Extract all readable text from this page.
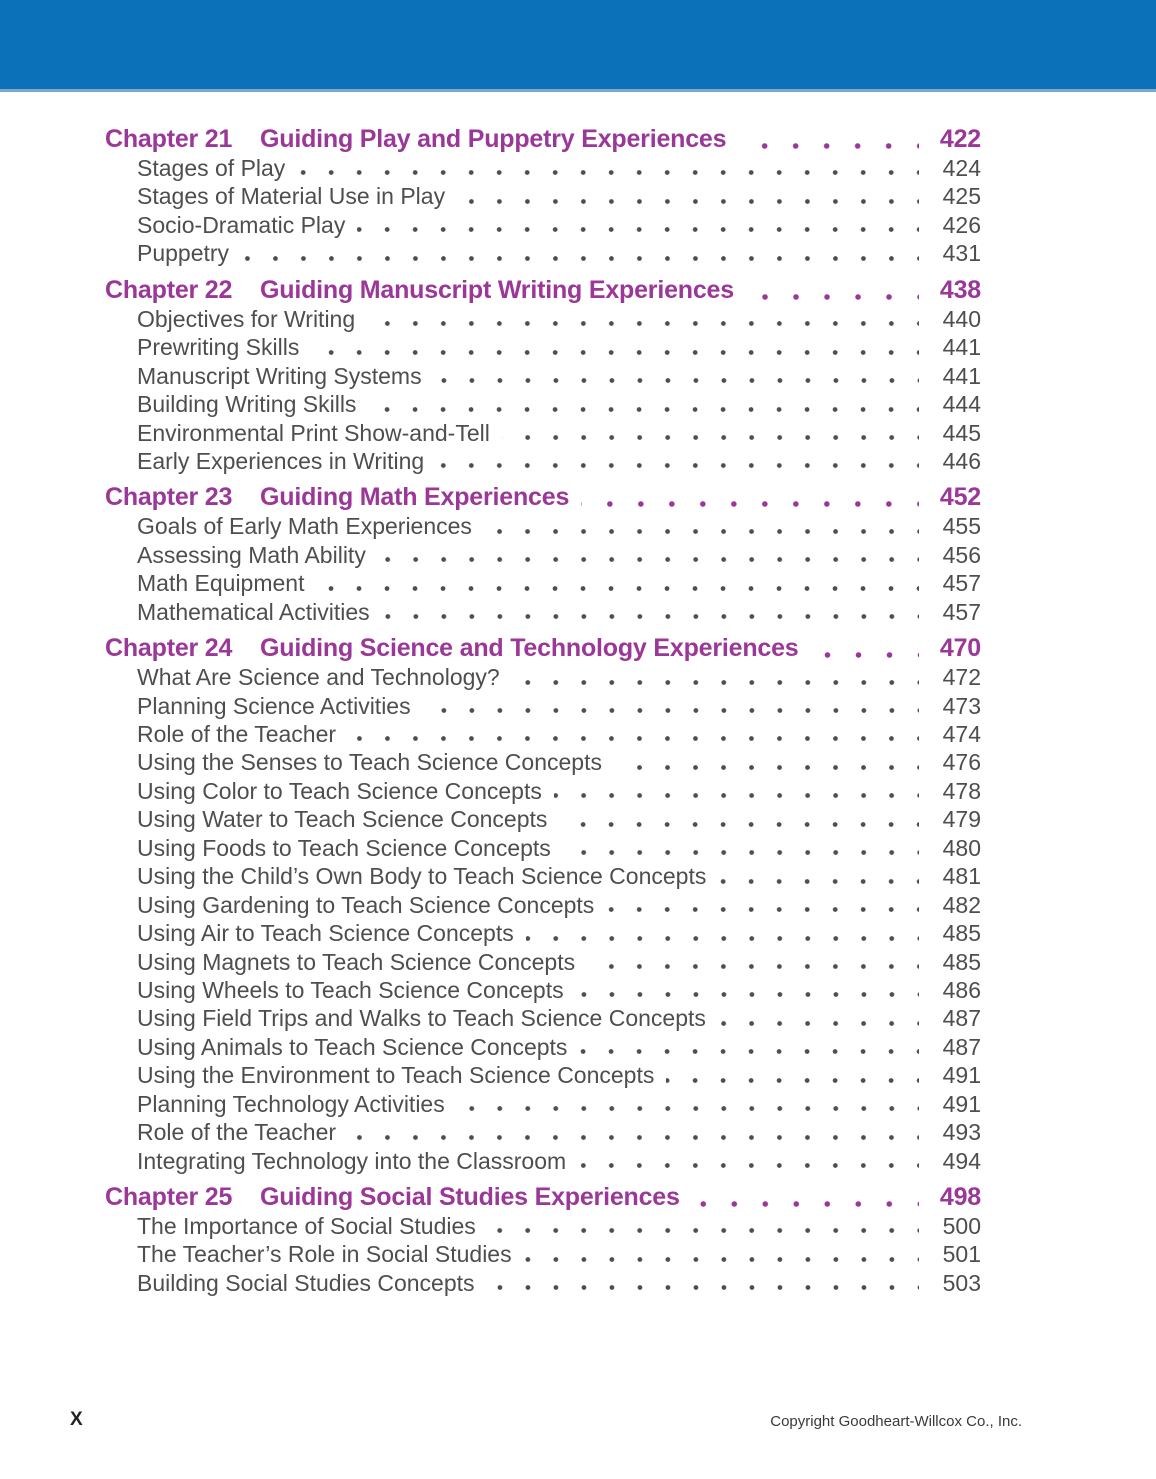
Chapter 21	Guiding Play and Puppetry Experiences	422
Stages of Play	424
Stages of Material Use in Play	425
Socio-Dramatic Play	426
Puppetry	431
Chapter 22	Guiding Manuscript Writing Experiences	438
Objectives for Writing	440
Prewriting Skills	441
Manuscript Writing Systems	441
Building Writing Skills	444
Environmental Print Show-and-Tell	445
Early Experiences in Writing	446
Chapter 23	Guiding Math Experiences	452
Goals of Early Math Experiences	455
Assessing Math Ability	456
Math Equipment	457
Mathematical Activities	457
Chapter 24	Guiding Science and Technology Experiences	470
What Are Science and Technology?	472
Planning Science Activities	473
Role of the Teacher	474
Using the Senses to Teach Science Concepts	476
Using Color to Teach Science Concepts	478
Using Water to Teach Science Concepts	479
Using Foods to Teach Science Concepts	480
Using the Child’s Own Body to Teach Science Concepts	481
Using Gardening to Teach Science Concepts	482
Using Air to Teach Science Concepts	485
Using Magnets to Teach Science Concepts	485
Using Wheels to Teach Science Concepts	486
Using Field Trips and Walks to Teach Science Concepts	487
Using Animals to Teach Science Concepts	487
Using the Environment to Teach Science Concepts	491
Planning Technology Activities	491
Role of the Teacher	493
Integrating Technology into the Classroom	494
Chapter 25	Guiding Social Studies Experiences	498
The Importance of Social Studies	500
The Teacher’s Role in Social Studies	501
Building Social Studies Concepts	503
X	Copyright Goodheart-Willcox Co., Inc.
